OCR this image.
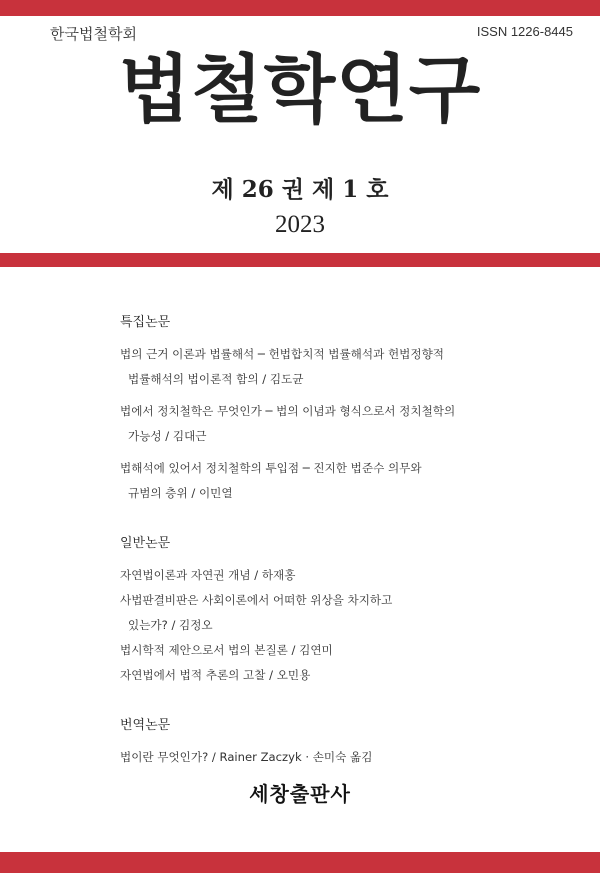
한국법철학회	ISSN 1226-8445
법철학연구
제 26 권 제 1 호
2023
특집논문
법의 근거 이론과 법률해석 ─ 헌법합치적 법률해석과 헌법정향적
법률해석의 법이론적 함의 / 김도균
법에서 정치철학은 무엇인가 ─ 법의 이념과 형식으로서 정치철학의
가능성 / 김대근
법해석에 있어서 정치철학의 투입점 ─ 진지한 법준수 의무와
규범의 층위 / 이민열
일반논문
자연법이론과 자연권 개념 / 하재홍
사법판결비판은 사회이론에서 어떠한 위상을 차지하고
있는가? / 김정오
법시학적 제안으로서 법의 본질론 / 김연미
자연법에서 법적 추론의 고찰 / 오민용
번역논문
법이란 무엇인가? / Rainer Zaczyk · 손미숙 옮김
세창출판사
